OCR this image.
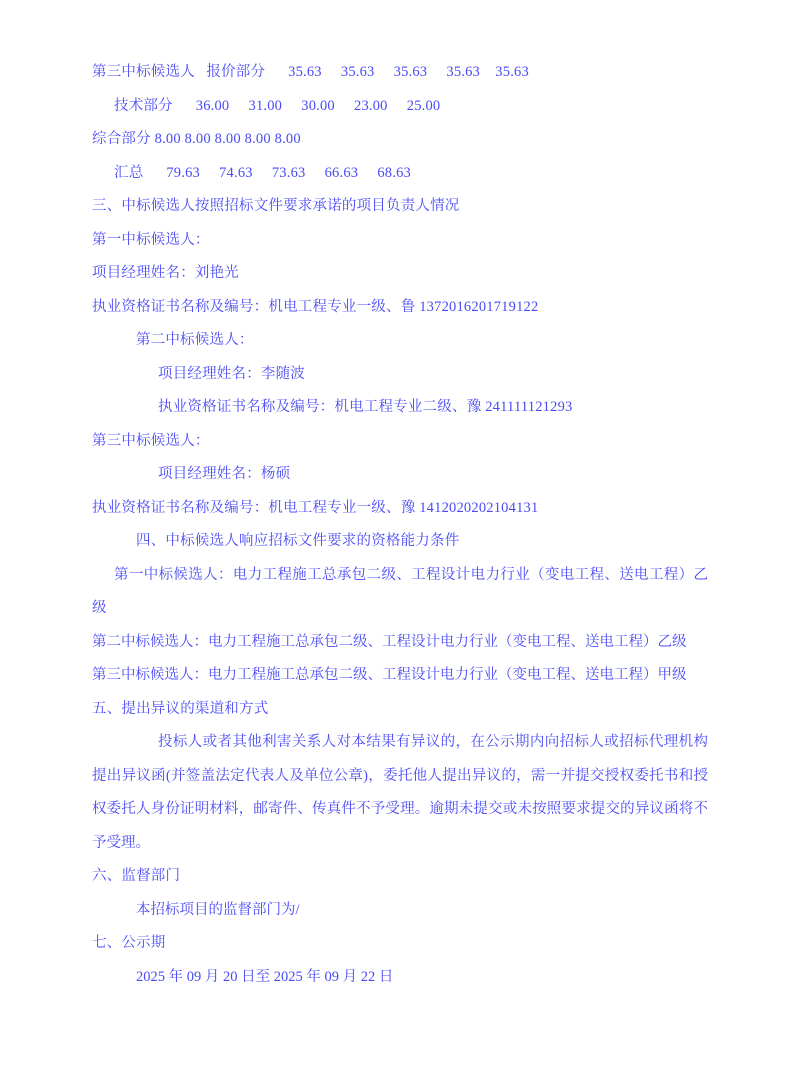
第三中标候选人   报价部分      35.63     35.63     35.63     35.63    35.63
技术部分      36.00     31.00     30.00     23.00     25.00
综合部分 8.00 8.00 8.00 8.00 8.00
汇总      79.63     74.63     73.63     66.63     68.63
三、中标候选人按照招标文件要求承诺的项目负责人情况
第一中标候选人：
项目经理姓名：刘艳光
执业资格证书名称及编号：机电工程专业一级、鲁 1372016201719122
第二中标候选人：
项目经理姓名：李随波
执业资格证书名称及编号：机电工程专业二级、豫 241111121293
第三中标候选人：
项目经理姓名：杨硕
执业资格证书名称及编号：机电工程专业一级、豫 1412020202104131
四、中标候选人响应招标文件要求的资格能力条件
第一中标候选人：电力工程施工总承包二级、工程设计电力行业（变电工程、送电工程）乙级
第二中标候选人：电力工程施工总承包二级、工程设计电力行业（变电工程、送电工程）乙级
第三中标候选人：电力工程施工总承包二级、工程设计电力行业（变电工程、送电工程）甲级
五、提出异议的渠道和方式
投标人或者其他利害关系人对本结果有异议的，在公示期内向招标人或招标代理机构提出异议函(并签盖法定代表人及单位公章)，委托他人提出异议的，需一并提交授权委托书和授权委托人身份证明材料，邮寄件、传真件不予受理。逾期未提交或未按照要求提交的异议函将不予受理。
六、监督部门
本招标项目的监督部门为/
七、公示期
2025 年 09 月 20 日至 2025 年 09 月 22 日
